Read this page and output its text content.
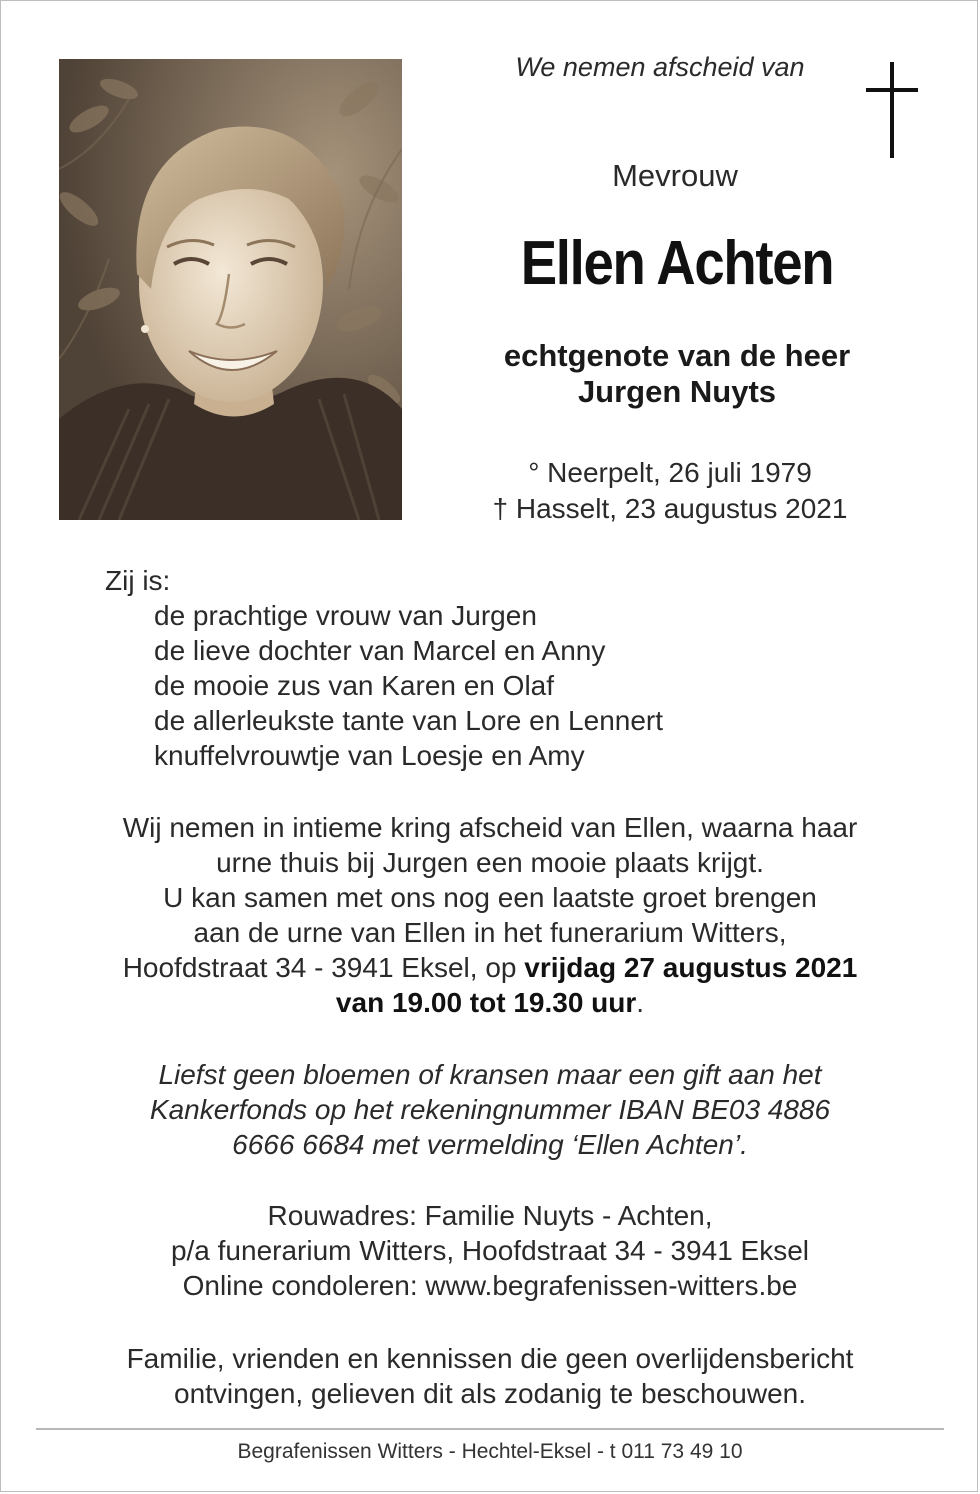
We nemen afscheid van
Mevrouw
Ellen Achten
echtgenote van de heer
Jurgen Nuyts
° Neerpelt, 26 juli 1979
† Hasselt, 23 augustus 2021
Zij is:
de prachtige vrouw van Jurgen
de lieve dochter van Marcel en Anny
de mooie zus van Karen en Olaf
de allerleukste tante van Lore en Lennert
knuffelvrouwtje van Loesje en Amy
Wij nemen in intieme kring afscheid van Ellen, waarna haar
urne thuis bij Jurgen een mooie plaats krijgt.
U kan samen met ons nog een laatste groet brengen
aan de urne van Ellen in het funerarium Witters,
Hoofdstraat 34 - 3941 Eksel, op vrijdag 27 augustus 2021
van 19.00 tot 19.30 uur.
Liefst geen bloemen of kransen maar een gift aan het
Kankerfonds op het rekeningnummer IBAN BE03 4886
6666 6684 met vermelding ‘Ellen Achten’.
Rouwadres: Familie Nuyts - Achten,
p/a funerarium Witters, Hoofdstraat 34 - 3941 Eksel
Online condoleren: www.begrafenissen-witters.be
Familie, vrienden en kennissen die geen overlijdensbericht
ontvingen, gelieven dit als zodanig te beschouwen.
Begrafenissen Witters - Hechtel-Eksel - t 011 73 49 10
